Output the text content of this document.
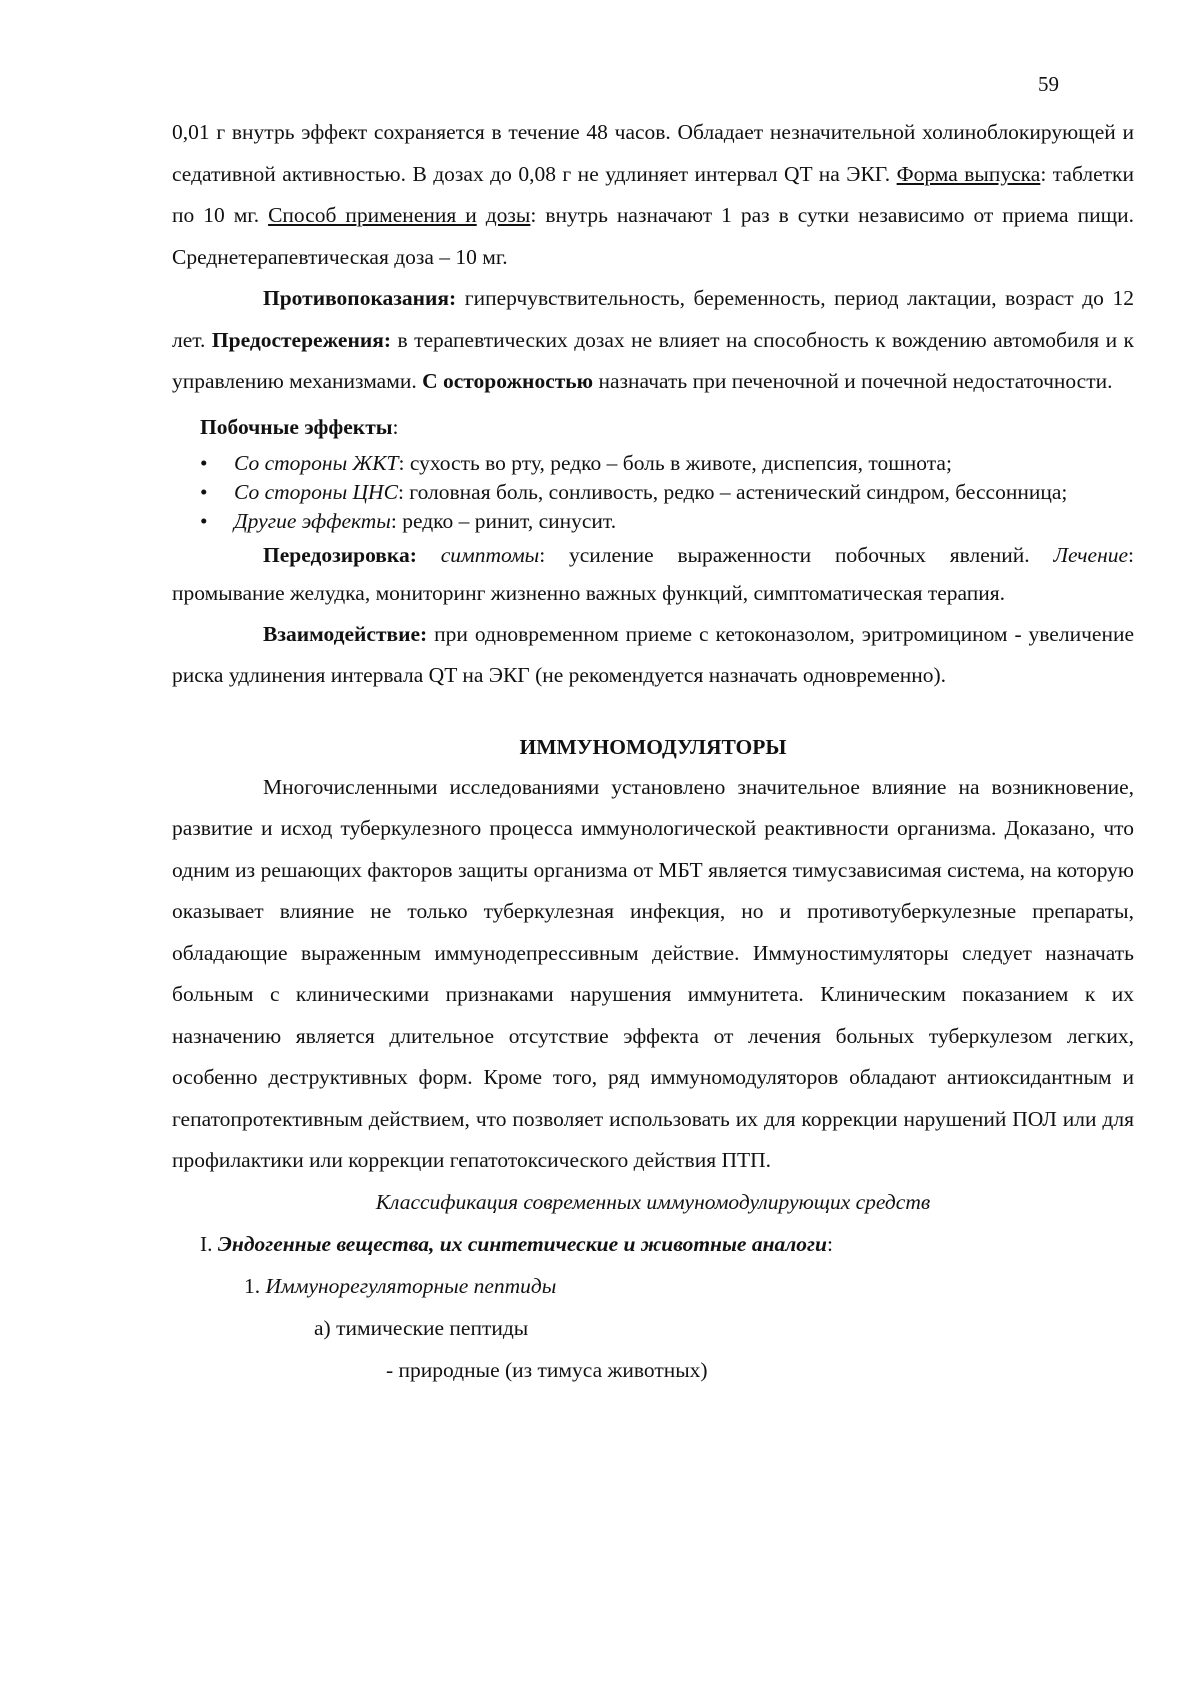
59

0,01 г внутрь эффект сохраняется в течение 48 часов. Обладает незначительной холиноблокирующей и седативной активностью. В дозах до 0,08 г не удлиняет интервал QT на ЭКГ. Форма выпуска: таблетки по 10 мг. Способ применения и дозы: внутрь назначают 1 раз в сутки независимо от приема пищи. Среднетерапевтическая доза – 10 мг.

Противопоказания: гиперчувствительность, беременность, период лактации, возраст до 12 лет. Предостережения: в терапевтических дозах не влияет на способность к вождению автомобиля и к управлению механизмами. С осторожностью назначать при печеночной и почечной недостаточности.

Побочные эффекты:
• Со стороны ЖКТ: сухость во рту, редко – боль в животе, диспепсия, тошнота;
• Со стороны ЦНС: головная боль, сонливость, редко – астенический синдром, бессонница;
• Другие эффекты: редко – ринит, синусит.

Передозировка: симптомы: усиление выраженности побочных явлений. Лечение: промывание желудка, мониторинг жизненно важных функций, симптоматическая терапия.

Взаимодействие: при одновременном приеме с кетоконазолом, эритромицином - увеличение риска удлинения интервала QT на ЭКГ (не рекомендуется назначать одновременно).

ИММУНОМОДУЛЯТОРЫ

Многочисленными исследованиями установлено значительное влияние на возникновение, развитие и исход туберкулезного процесса иммунологической реактивности организма. Доказано, что одним из решающих факторов защиты организма от МБТ является тимусзависимая система, на которую оказывает влияние не только туберкулезная инфекция, но и противотуберкулезные препараты, обладающие выраженным иммунодепрессивным действие. Иммуностимуляторы следует назначать больным с клиническими признаками нарушения иммунитета. Клиническим показанием к их назначению является длительное отсутствие эффекта от лечения больных туберкулезом легких, особенно деструктивных форм. Кроме того, ряд иммуномодуляторов обладают антиоксидантным и гепатопротективным действием, что позволяет использовать их для коррекции нарушений ПОЛ или для профилактики или коррекции гепатотоксического действия ПТП.

Классификация современных иммуномодулирующих средств
I. Эндогенные вещества, их синтетические и животные аналоги:
1. Иммунорегуляторные пептиды
а) тимические пептиды
- природные (из тимуса животных)
